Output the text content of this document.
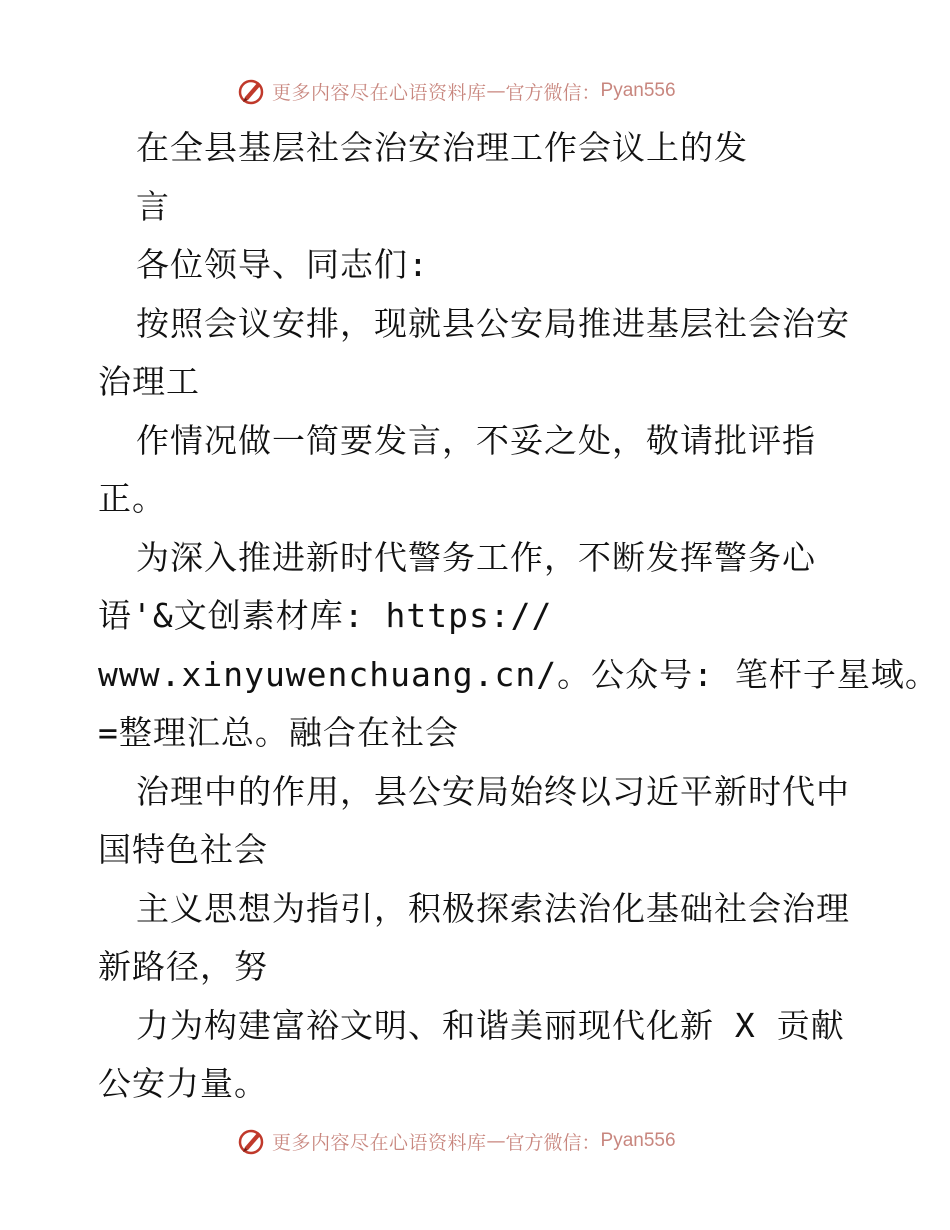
更多内容尽在心语资料库 — 官方微信： Pyan556
在全县基层社会治安治理工作会议上的发
言
各位领导、同志们:
按照会议安排，现就县公安局推进基层社会治安
治理工
作情况做一简要发言，不妥之处，敬请批评指
正。
为深入推进新时代警务工作，不断发挥警务心
语'&文创素材库: https://
www.xinyuwenchuang.cn/。公众号: 笔杆子星域。
=整理汇总。融合在社会
治理中的作用，县公安局始终以习近平新时代中
国特色社会
主义思想为指引，积极探索法治化基础社会治理
新路径，努
力为构建富裕文明、和谐美丽现代化新 X 贡献
公安力量。
更多内容尽在心语资料库 — 官方微信： Pyan556
